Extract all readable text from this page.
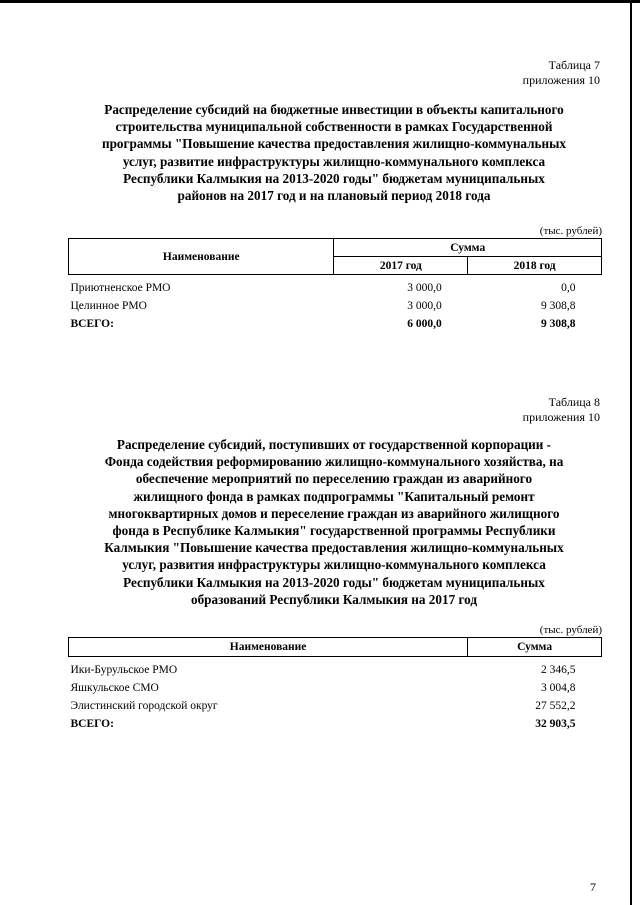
Таблица 7
приложения 10
Распределение субсидий на бюджетные инвестиции в объекты капитального
строительства муниципальной собственности в рамках Государственной
программы "Повышение качества предоставления жилищно-коммунальных
услуг, развитие инфраструктуры жилищно-коммунального комплекса
Республики Калмыкия на 2013-2020 годы" бюджетам муниципальных
районов на 2017 год и на плановый период 2018 года
(тыс. рублей)
Наименование	Сумма	
	2017 год	2018 год
Приютненское РМО	3 000,0	0,0
Целинное РМО	3 000,0	9 308,8
ВСЕГО:	6 000,0	9 308,8
Таблица 8
приложения 10
Распределение субсидий, поступивших от государственной корпорации -
Фонда содействия реформированию жилищно-коммунального хозяйства, на
обеспечение мероприятий по переселению граждан из аварийного
жилищного фонда в рамках подпрограммы "Капитальный ремонт
многоквартирных домов и переселение граждан из аварийного жилищного
фонда в Республике Калмыкия" государственной программы Республики
Калмыкия "Повышение качества предоставления жилищно-коммунальных
услуг, развития инфраструктуры жилищно-коммунального комплекса
Республики Калмыкия на 2013-2020 годы" бюджетам муниципальных
образований Республики Калмыкия на 2017 год
(тыс. рублей)
Наименование	Сумма
Ики-Бурульское РМО	2 346,5
Яшкульское СМО	3 004,8
Элистинский городской округ	27 552,2
ВСЕГО:	32 903,5
7
